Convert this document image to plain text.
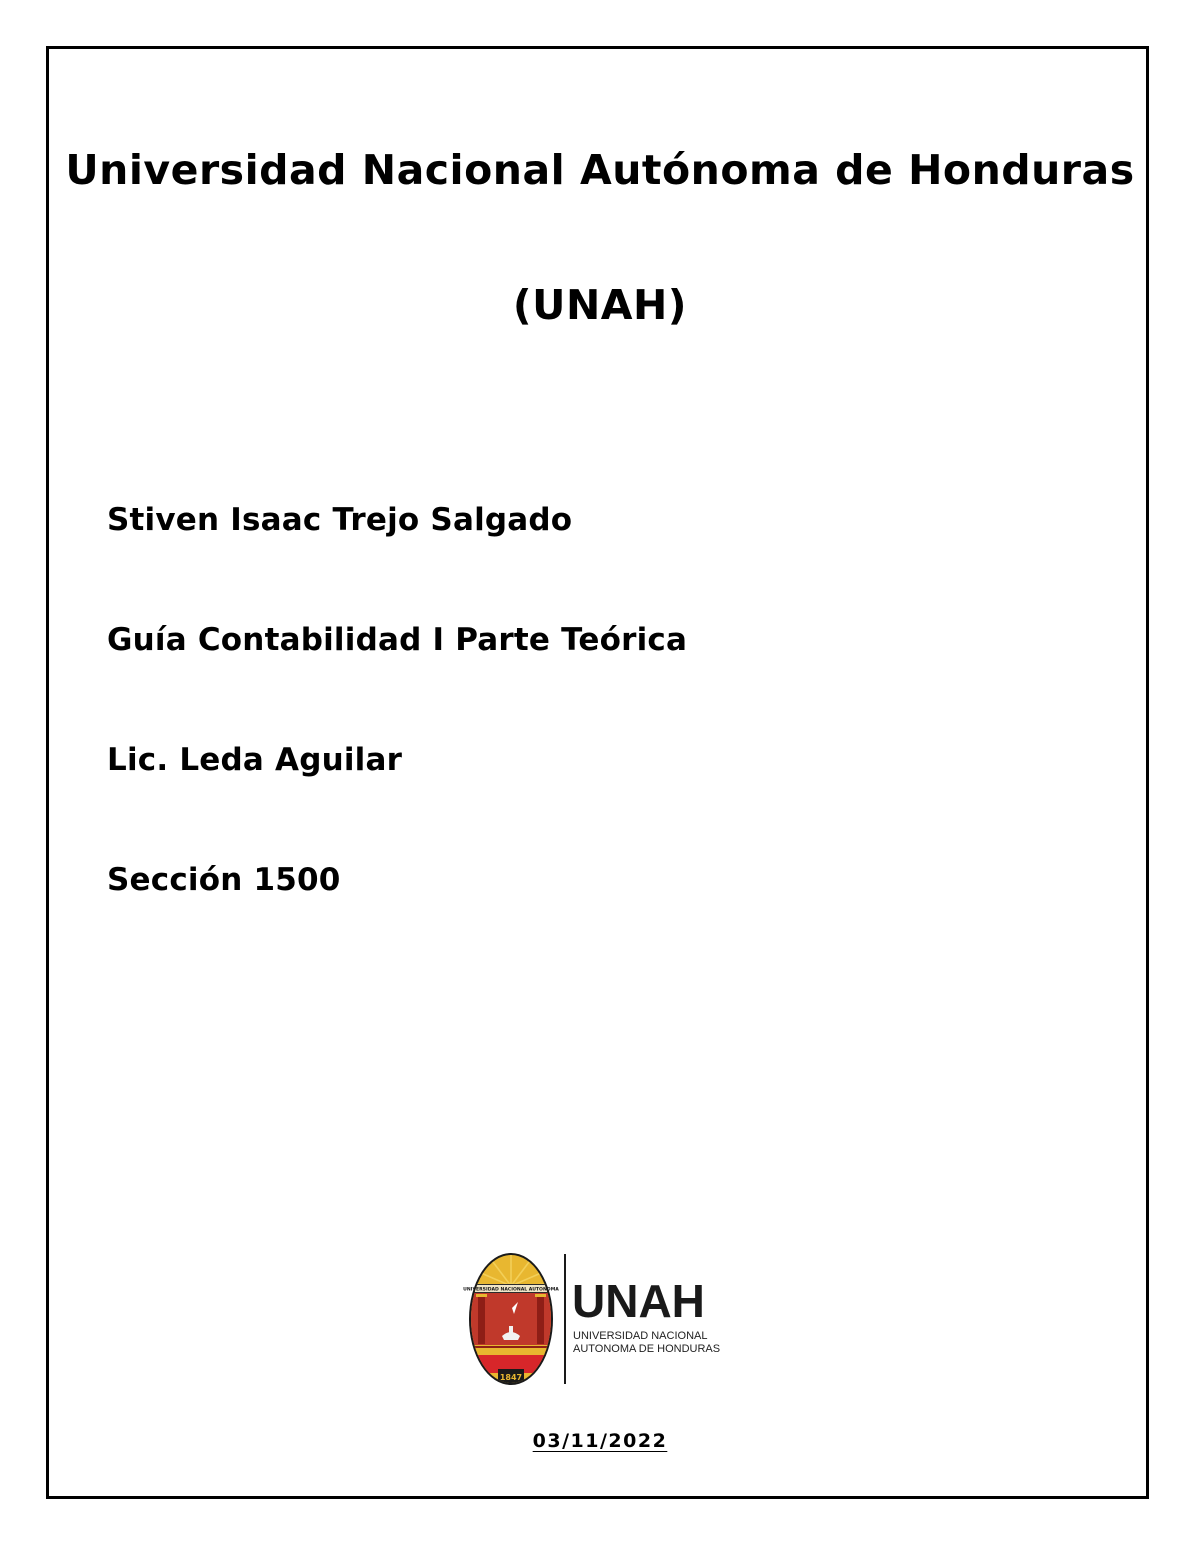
Universidad Nacional Autónoma de Honduras
(UNAH)
Stiven Isaac Trejo Salgado
Guía Contabilidad I Parte Teórica
Lic. Leda Aguilar
Sección 1500
UNIVERSIDAD NACIONAL AUTONOMA
1847
UNAH
UNIVERSIDAD NACIONAL
AUTONOMA DE HONDURAS
03/11/2022
